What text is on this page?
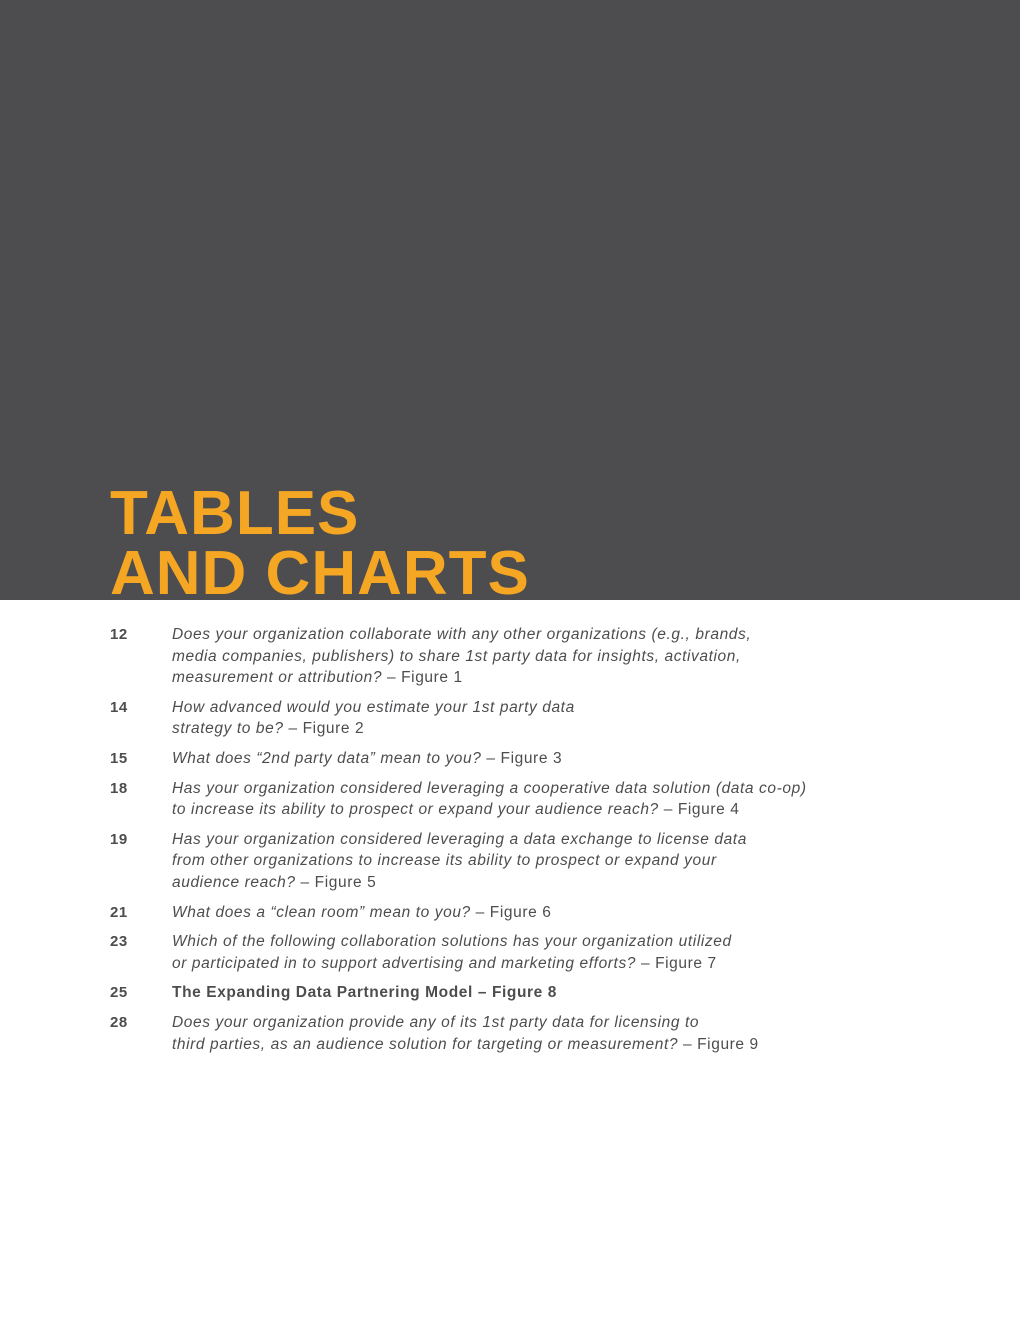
TABLES
AND CHARTS
12	Does your organization collaborate with any other organizations (e.g., brands,
media companies, publishers) to share 1st party data for insights, activation,
measurement or attribution? – Figure 1
14	How advanced would you estimate your 1st party data
strategy to be? – Figure 2
15	What does “2nd party data” mean to you? – Figure 3
18	Has your organization considered leveraging a cooperative data solution (data co-op)
to increase its ability to prospect or expand your audience reach? – Figure 4
19	Has your organization considered leveraging a data exchange to license data
from other organizations to increase its ability to prospect or expand your
audience reach? – Figure 5
21	What does a “clean room” mean to you? – Figure 6
23	Which of the following collaboration solutions has your organization utilized
or participated in to support advertising and marketing efforts? – Figure 7
25	The Expanding Data Partnering Model – Figure 8
28	Does your organization provide any of its 1st party data for licensing to
third parties, as an audience solution for targeting or measurement? – Figure 9
